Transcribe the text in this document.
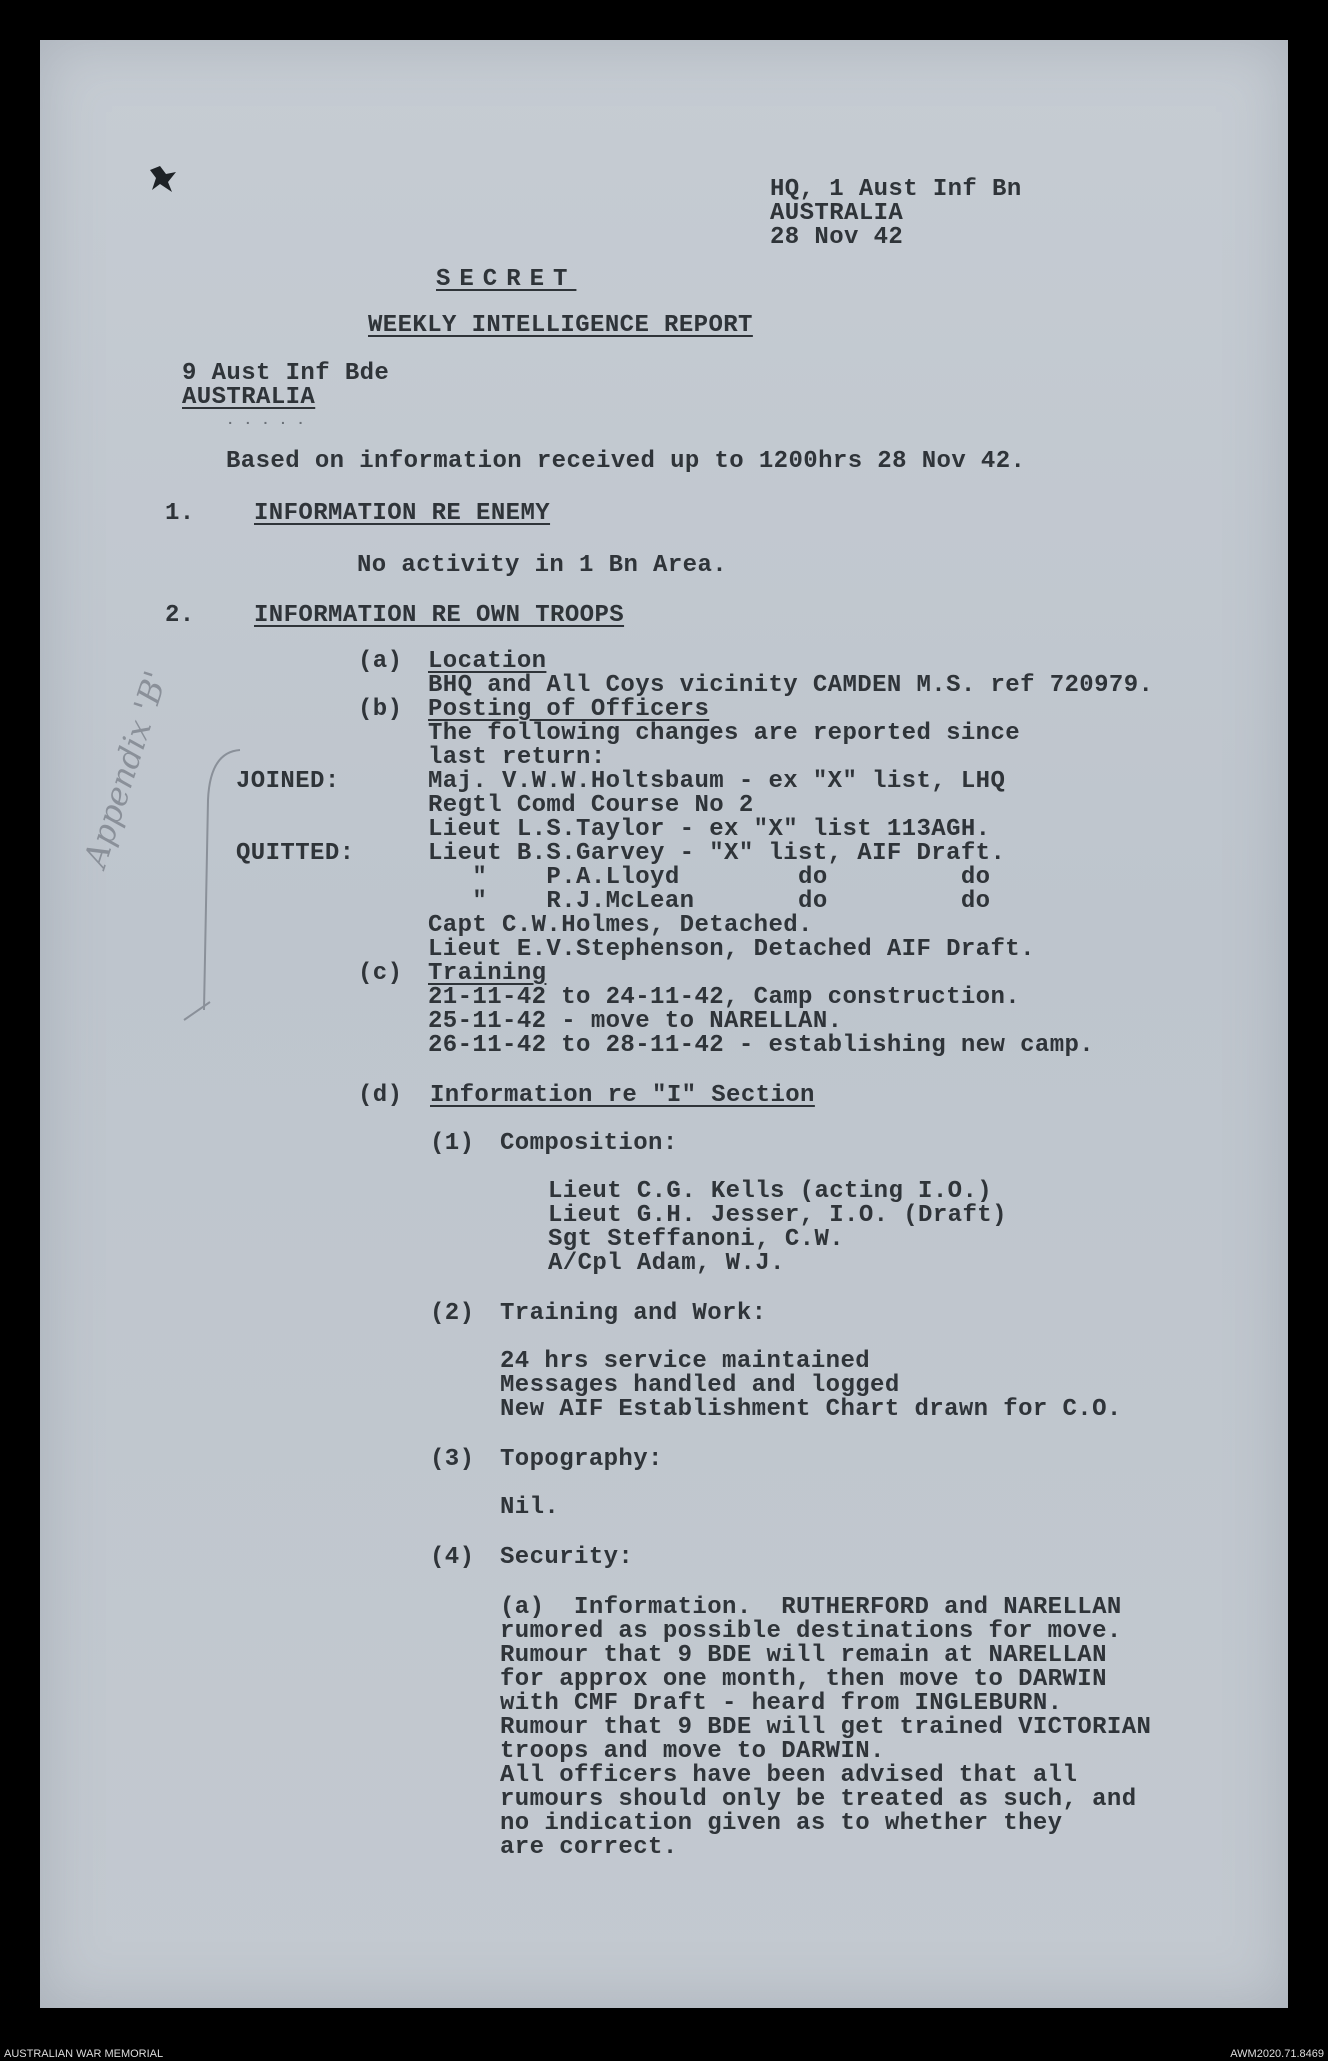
HQ, 1 Aust Inf Bn
AUSTRALIA
28 Nov 42
SECRET
WEEKLY INTELLIGENCE REPORT
9 Aust Inf Bde
AUSTRALIA
· · · · ·
Based on information received up to 1200hrs 28 Nov 42.
1. INFORMATION RE ENEMY
No activity in 1 Bn Area.
2. INFORMATION RE OWN TROOPS
(a) Location
BHQ and All Coys vicinity CAMDEN M.S. ref 720979.
(b) Posting of Officers
The following changes are reported since
last return:
JOINED:	Maj. V.W.W.Holtsbaum - ex "X" list, LHQ
Regtl Comd Course No 2
Lieut L.S.Taylor - ex "X" list 113AGH.
QUITTED:	Lieut B.S.Garvey - "X" list, AIF Draft.
"    P.A.Lloyd        do         do
"    R.J.McLean       do         do
Capt C.W.Holmes, Detached.
Lieut E.V.Stephenson, Detached AIF Draft.
(c) Training
21-11-42 to 24-11-42, Camp construction.
25-11-42 - move to NARELLAN.
26-11-42 to 28-11-42 - establishing new camp.
(d) Information re "I" Section
(1) Composition:
Lieut C.G. Kells (acting I.O.)
Lieut G.H. Jesser, I.O. (Draft)
Sgt Steffanoni, C.W.
A/Cpl Adam, W.J.
(2) Training and Work:
24 hrs service maintained
Messages handled and logged
New AIF Establishment Chart drawn for C.O.
(3) Topography:
Nil.
(4) Security:
(a)  Information.  RUTHERFORD and NARELLAN
rumored as possible destinations for move.
Rumour that 9 BDE will remain at NARELLAN
for approx one month, then move to DARWIN
with CMF Draft - heard from INGLEBURN.
Rumour that 9 BDE will get trained VICTORIAN
troops and move to DARWIN.
All officers have been advised that all
rumours should only be treated as such, and
no indication given as to whether they
are correct.
Appendix 'B'
AUSTRALIAN WAR MEMORIAL	AWM2020.71.8469
